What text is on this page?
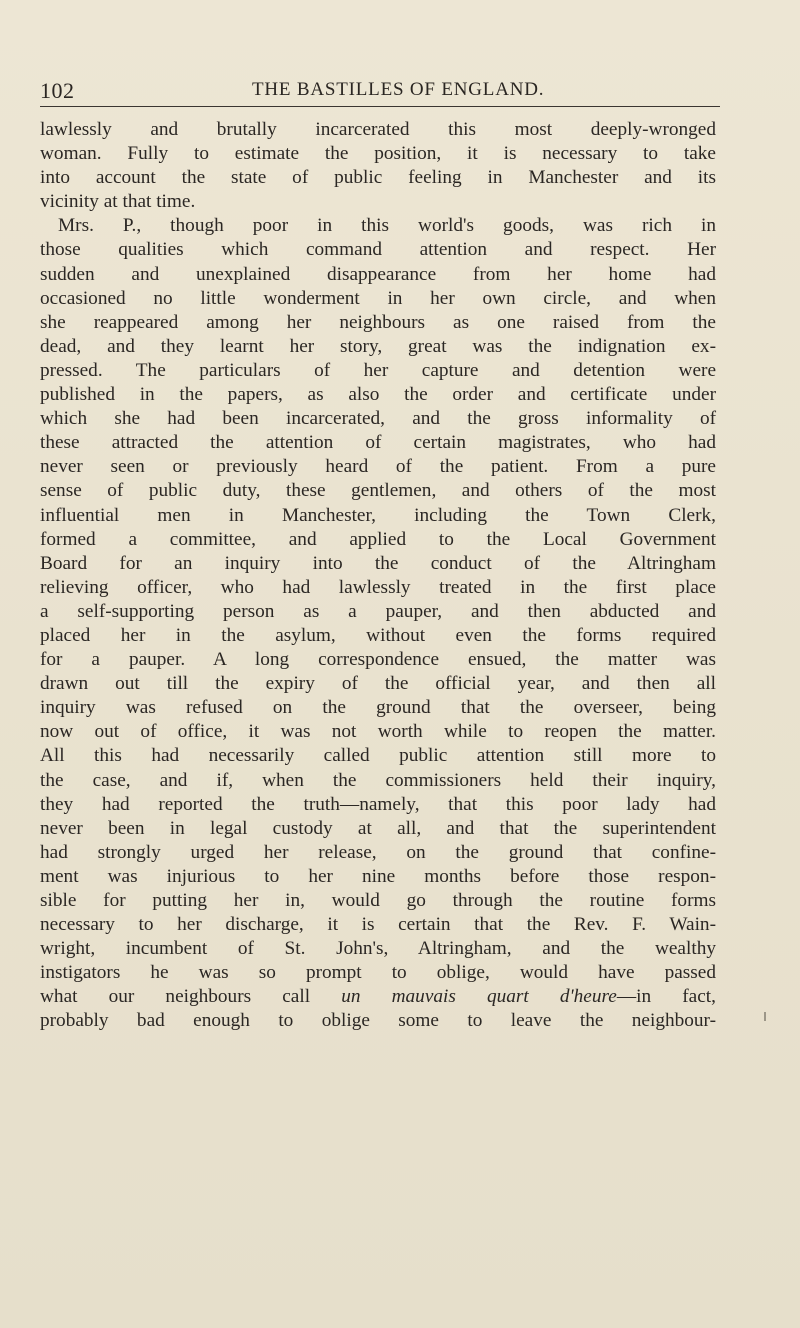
102	THE BASTILLES OF ENGLAND.
lawlessly and brutally incarcerated this most deeply-wronged
woman. Fully to estimate the position, it is necessary to take
into account the state of public feeling in Manchester and its
vicinity at that time.
Mrs. P., though poor in this world's goods, was rich in
those qualities which command attention and respect. Her
sudden and unexplained disappearance from her home had
occasioned no little wonderment in her own circle, and when
she reappeared among her neighbours as one raised from the
dead, and they learnt her story, great was the indignation ex-
pressed. The particulars of her capture and detention were
published in the papers, as also the order and certificate under
which she had been incarcerated, and the gross informality of
these attracted the attention of certain magistrates, who had
never seen or previously heard of the patient. From a pure
sense of public duty, these gentlemen, and others of the most
influential men in Manchester, including the Town Clerk,
formed a committee, and applied to the Local Government
Board for an inquiry into the conduct of the Altringham
relieving officer, who had lawlessly treated in the first place
a self-supporting person as a pauper, and then abducted and
placed her in the asylum, without even the forms required
for a pauper. A long correspondence ensued, the matter was
drawn out till the expiry of the official year, and then all
inquiry was refused on the ground that the overseer, being
now out of office, it was not worth while to reopen the matter.
All this had necessarily called public attention still more to
the case, and if, when the commissioners held their inquiry,
they had reported the truth—namely, that this poor lady had
never been in legal custody at all, and that the superintendent
had strongly urged her release, on the ground that confine-
ment was injurious to her nine months before those respon-
sible for putting her in, would go through the routine forms
necessary to her discharge, it is certain that the Rev. F. Wain-
wright, incumbent of St. John's, Altringham, and the wealthy
instigators he was so prompt to oblige, would have passed
what our neighbours call un mauvais quart d'heure—in fact,
probably bad enough to oblige some to leave the neighbour-
